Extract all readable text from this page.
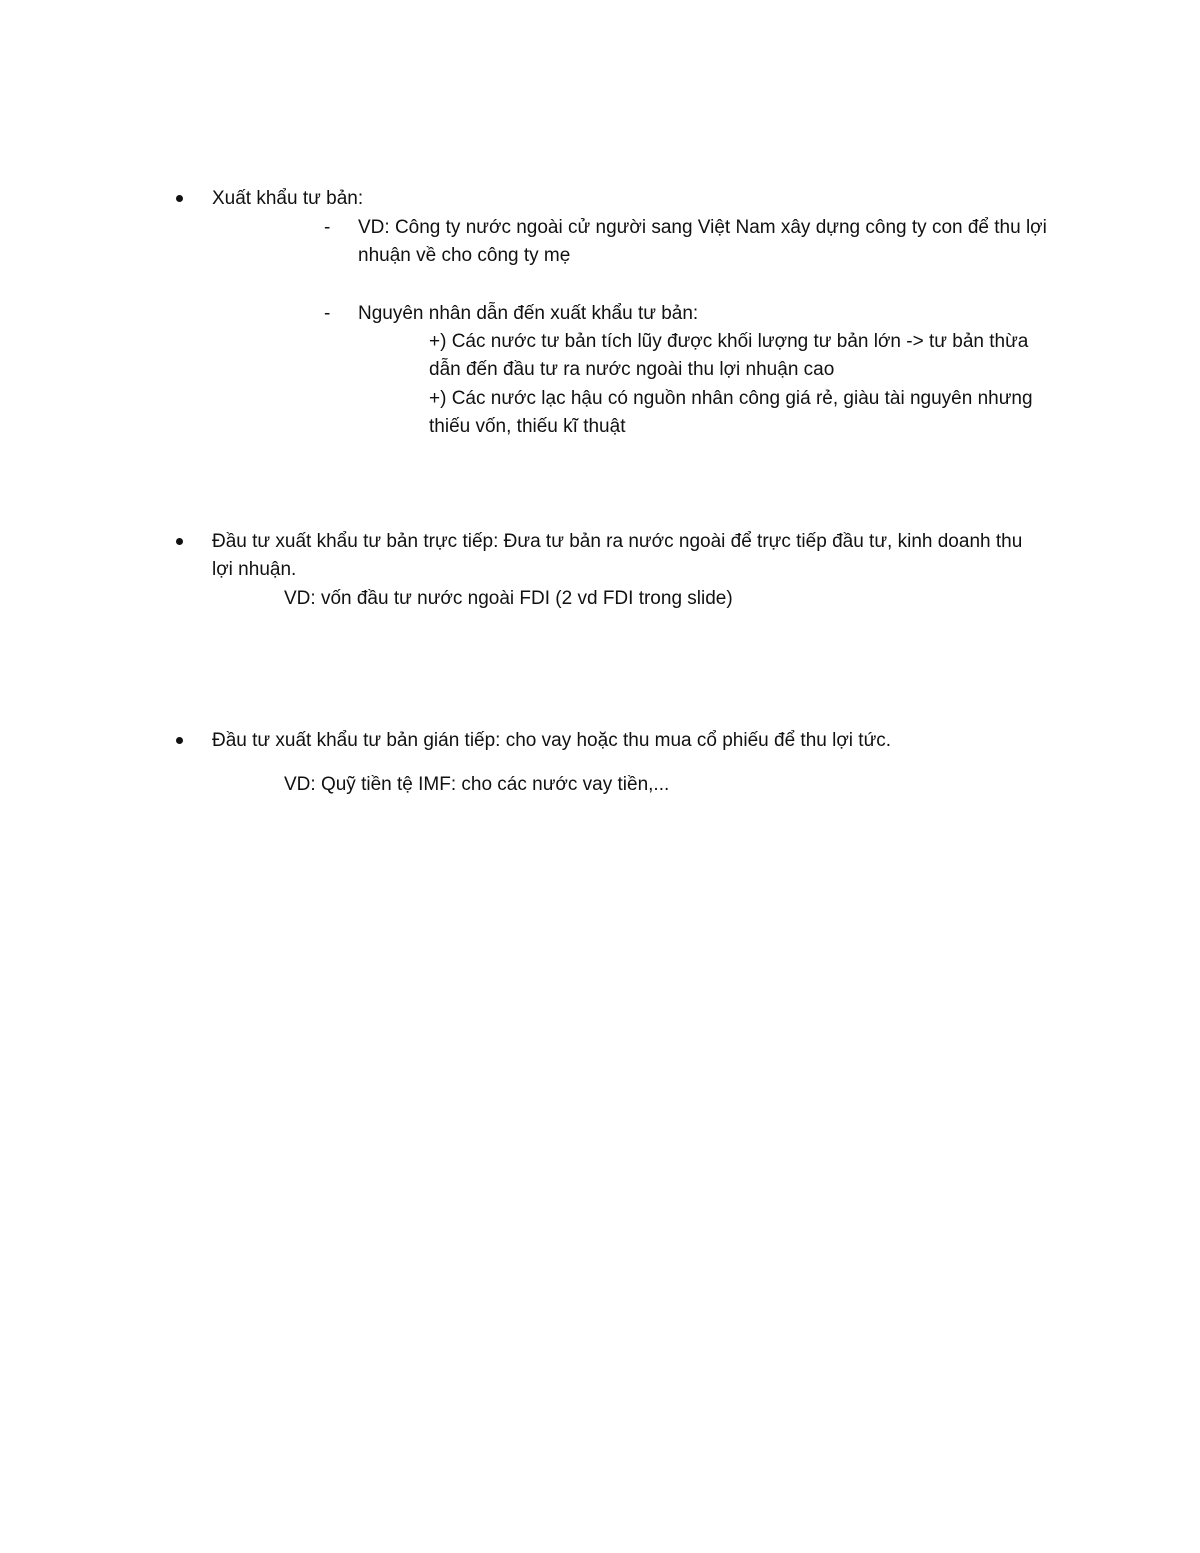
Xuất khẩu tư bản:
- VD: Công ty nước ngoài cử người sang Việt Nam xây dựng công ty con để thu lợi
nhuận về cho công ty mẹ
- Nguyên nhân dẫn đến xuất khẩu tư bản:
+) Các nước tư bản tích lũy được khối lượng tư bản lớn -> tư bản thừa
dẫn đến đầu tư ra nước ngoài thu lợi nhuận cao
+) Các nước lạc hậu có nguồn nhân công giá rẻ, giàu tài nguyên nhưng
thiếu vốn, thiếu kĩ thuật
Đầu tư xuất khẩu tư bản trực tiếp: Đưa tư bản ra nước ngoài để trực tiếp đầu tư, kinh doanh thu
lợi nhuận.
VD: vốn đầu tư nước ngoài FDI (2 vd FDI trong slide)
Đầu tư xuất khẩu tư bản gián tiếp: cho vay hoặc thu mua cổ phiếu để thu lợi tức.
VD: Quỹ tiền tệ IMF: cho các nước vay tiền,...
